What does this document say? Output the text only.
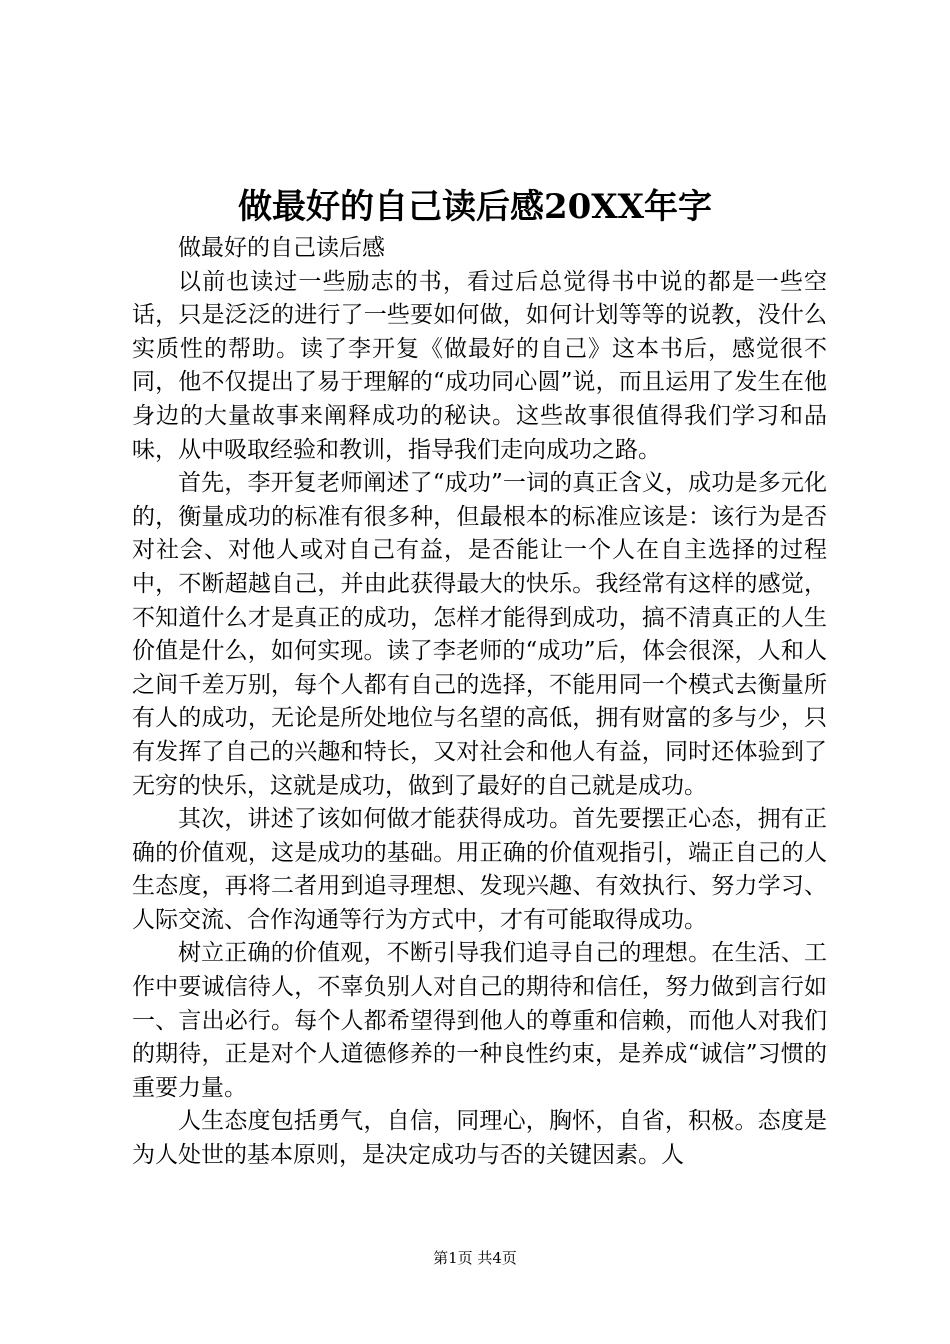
做最好的自己读后感20XX年字

做最好的自己读后感

以前也读过一些励志的书，看过后总觉得书中说的都是一些空话，只是泛泛的进行了一些要如何做，如何计划等等的说教，没什么实质性的帮助。读了李开复《做最好的自己》这本书后，感觉很不同，他不仅提出了易于理解的“成功同心圆”说，而且运用了发生在他身边的大量故事来阐释成功的秘诀。这些故事很值得我们学习和品味，从中吸取经验和教训，指导我们走向成功之路。

首先，李开复老师阐述了“成功”一词的真正含义，成功是多元化的，衡量成功的标准有很多种，但最根本的标准应该是：该行为是否对社会、对他人或对自己有益，是否能让一个人在自主选择的过程中，不断超越自己，并由此获得最大的快乐。我经常有这样的感觉，不知道什么才是真正的成功，怎样才能得到成功，搞不清真正的人生价值是什么，如何实现。读了李老师的“成功”后，体会很深，人和人之间千差万别，每个人都有自己的选择，不能用同一个模式去衡量所有人的成功，无论是所处地位与名望的高低，拥有财富的多与少，只有发挥了自己的兴趣和特长，又对社会和他人有益，同时还体验到了无穷的快乐，这就是成功，做到了最好的自己就是成功。

其次，讲述了该如何做才能获得成功。首先要摆正心态，拥有正确的价值观，这是成功的基础。用正确的价值观指引，端正自己的人生态度，再将二者用到追寻理想、发现兴趣、有效执行、努力学习、人际交流、合作沟通等行为方式中，才有可能取得成功。

树立正确的价值观，不断引导我们追寻自己的理想。在生活、工作中要诚信待人，不辜负别人对自己的期待和信任，努力做到言行如一、言出必行。每个人都希望得到他人的尊重和信赖，而他人对我们的期待，正是对个人道德修养的一种良性约束，是养成“诚信”习惯的重要力量。

人生态度包括勇气，自信，同理心，胸怀，自省，积极。态度是为人处世的基本原则，是决定成功与否的关键因素。人

第1页 共4页
